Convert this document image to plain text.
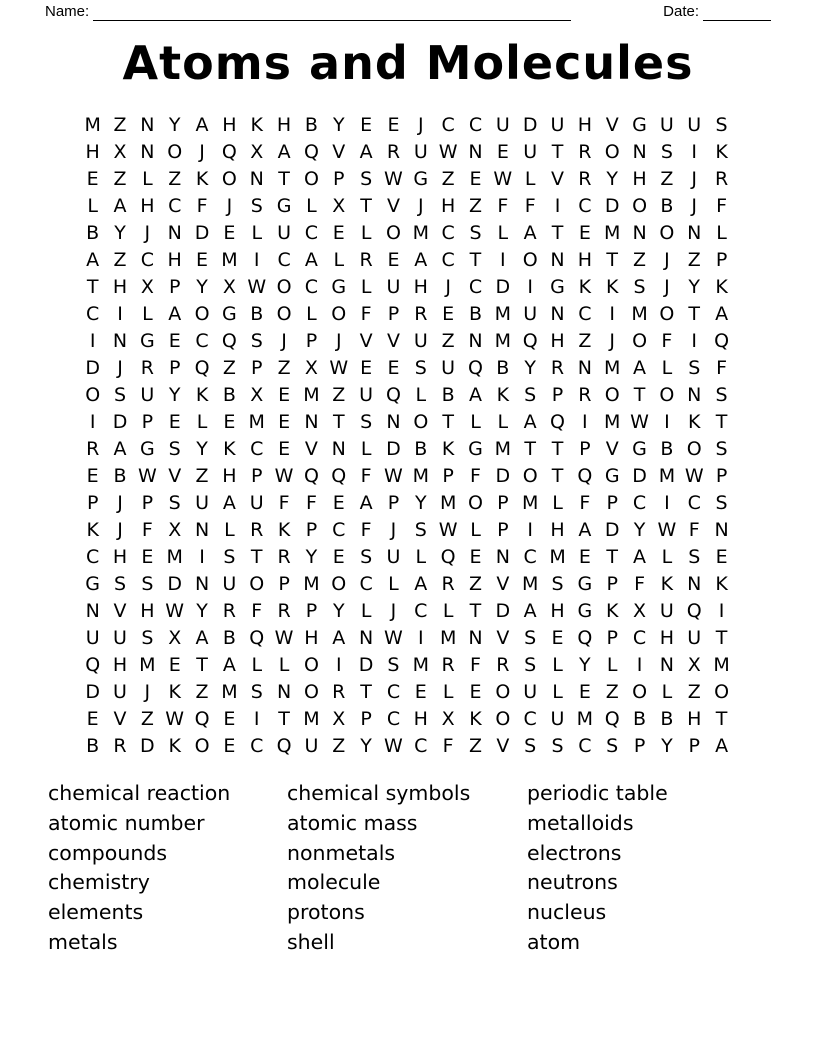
Name:	Date:
Atoms and Molecules
M Z N Y A H K H B Y E E J C C U D U H V G U U S
H X N O J Q X A Q V A R U W N E U T R O N S I K
E Z L Z K O N T O P S W G Z E W L V R Y H Z J R
L A H C F	J S G L X T V J H Z F F	I C D O B J	F
B Y J N D E L U C E L O M C S L A T E M N O N L
A Z C H E M I C A L R E A C T I O N H T Z J Z P
T H X P Y X W O C G L U H J C D I G K K S J Y K
C I	L A O G B O L O F P R E B M U N C I M O T A
I N G E C Q S J P J V V U Z N M Q H Z J O F	I Q
D J R P Q Z P Z X W E E S U Q B Y R N M A L S F
O S U Y K B X E M Z U Q L B A K S P R O T O N S
I D P E L E M E N T S N O T L L A Q I M W I K T
R A G S Y K C E V N L D B K G M T T P V G B O S
E B W V Z H P W Q Q F W M P F D O T Q G D M W P
P J P S U A U F F E A P Y M O P M L F P C I C S
K J	F X N L R K P C F	J S W L P I H A D Y W F N
C H E M I S T R Y E S U L Q E N C M E T A L S E
G S S D N U O P M O C L A R Z V M S G P F K N K
N V H W Y R F R P Y L	J C L T D A H G K X U Q I
U U S X A B Q W H A N W I M N V S E Q P C H U T
Q H M E T A L L O I D S M R F R S L Y L	I N X M
D U J K Z M S N O R T C E L E O U L E Z O L Z O
E V Z W Q E I T M X P C H X K O C U M Q B B H T
B R D K O E C Q U Z Y W C F Z V S S C S P Y P A
chemical reaction
atomic number
compounds
chemistry
elements
metals
chemical symbols
atomic mass
nonmetals
molecule
protons
shell
periodic table
metalloids
electrons
neutrons
nucleus
atom
